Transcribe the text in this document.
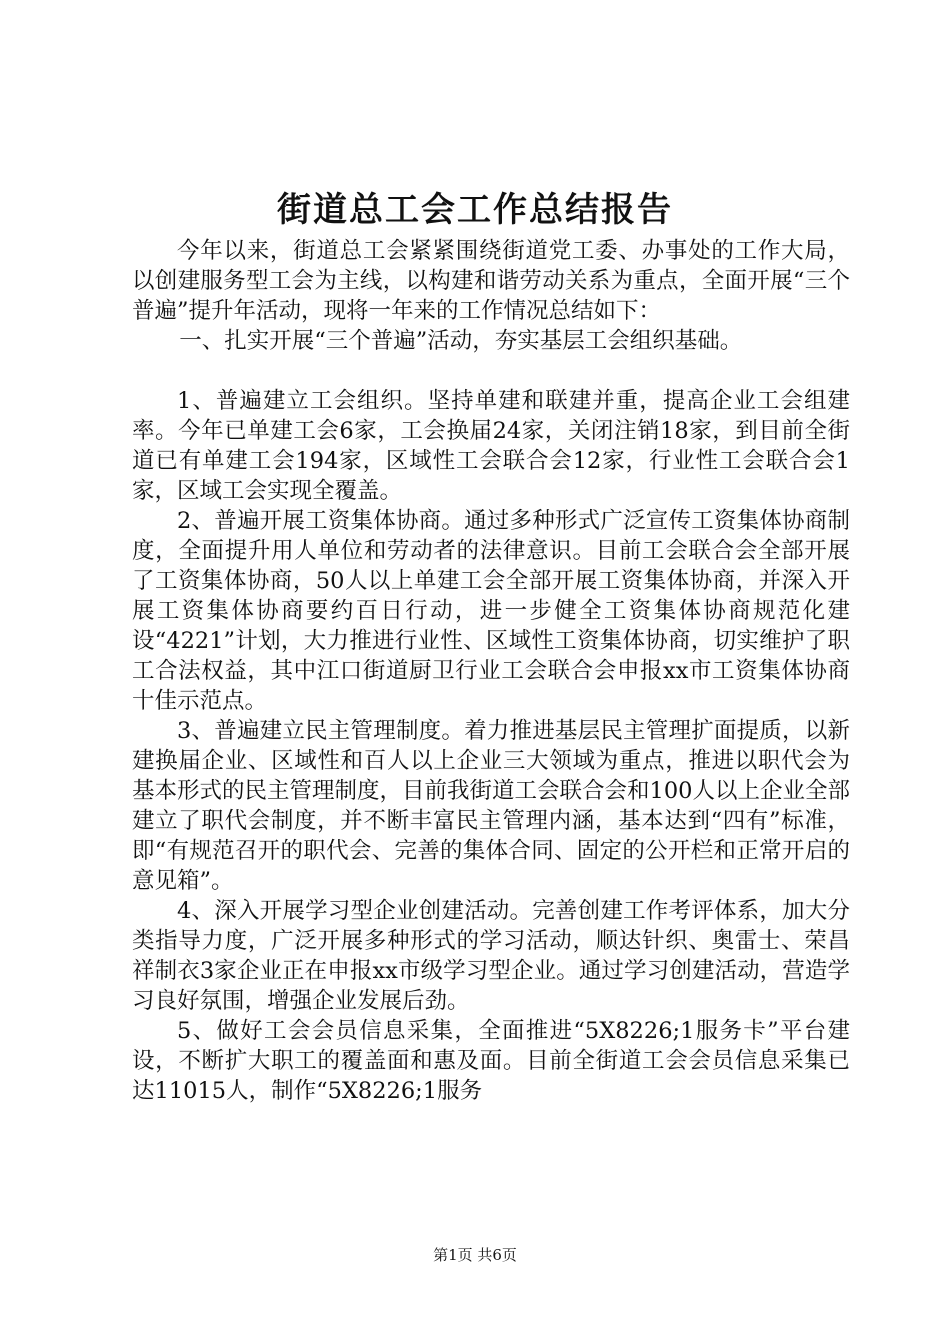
街道总工会工作总结报告

今年以来，街道总工会紧紧围绕街道党工委、办事处的工作大局，以创建服务型工会为主线，以构建和谐劳动关系为重点，全面开展“三个普遍”提升年活动，现将一年来的工作情况总结如下：

一、扎实开展“三个普遍”活动，夯实基层工会组织基础。

1、普遍建立工会组织。坚持单建和联建并重，提高企业工会组建率。今年已单建工会6家，工会换届24家，关闭注销18家，到目前全街道已有单建工会194家，区域性工会联合会12家，行业性工会联合会1家，区域工会实现全覆盖。

2、普遍开展工资集体协商。通过多种形式广泛宣传工资集体协商制度，全面提升用人单位和劳动者的法律意识。目前工会联合会全部开展了工资集体协商，50人以上单建工会全部开展工资集体协商，并深入开展工资集体协商要约百日行动，进一步健全工资集体协商规范化建设“4221”计划，大力推进行业性、区域性工资集体协商，切实维护了职工合法权益，其中江口街道厨卫行业工会联合会申报xx市工资集体协商十佳示范点。

3、普遍建立民主管理制度。着力推进基层民主管理扩面提质，以新建换届企业、区域性和百人以上企业三大领域为重点，推进以职代会为基本形式的民主管理制度，目前我街道工会联合会和100人以上企业全部建立了职代会制度，并不断丰富民主管理内涵，基本达到“四有”标准，即“有规范召开的职代会、完善的集体合同、固定的公开栏和正常开启的意见箱”。

4、深入开展学习型企业创建活动。完善创建工作考评体系，加大分类指导力度，广泛开展多种形式的学习活动，顺达针织、奥雷士、荣昌祥制衣3家企业正在申报xx市级学习型企业。通过学习创建活动，营造学习良好氛围，增强企业发展后劲。

5、做好工会会员信息采集，全面推进“5X8226;1服务卡”平台建设，不断扩大职工的覆盖面和惠及面。目前全街道工会会员信息采集已达11015人，制作“5X8226;1服务

第1页 共6页
